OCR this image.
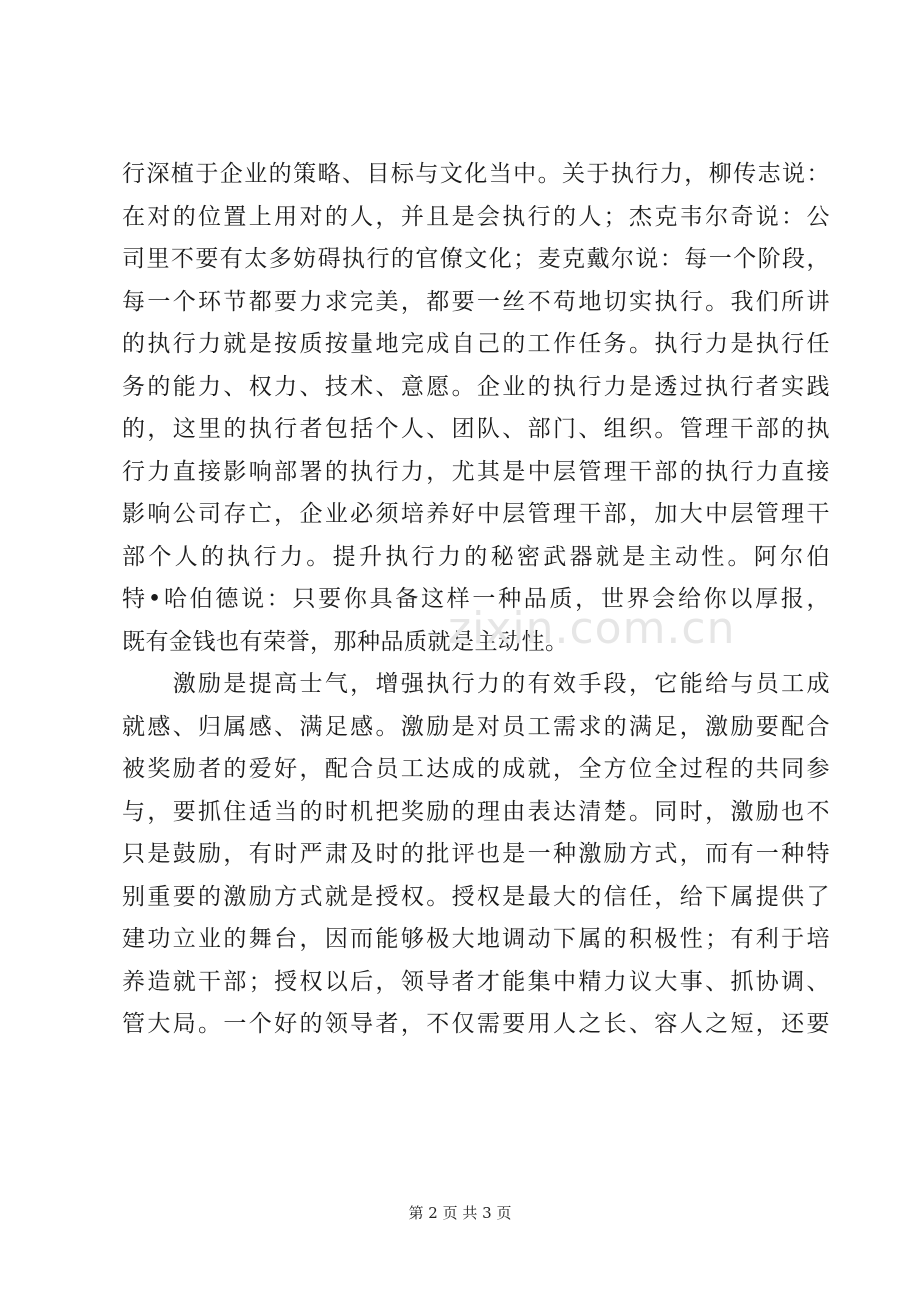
行深植于企业的策略、目标与文化当中。关于执行力，柳传志说：
在对的位置上用对的人，并且是会执行的人；杰克韦尔奇说：公
司里不要有太多妨碍执行的官僚文化；麦克戴尔说：每一个阶段，
每一个环节都要力求完美，都要一丝不苟地切实执行。我们所讲
的执行力就是按质按量地完成自己的工作任务。执行力是执行任
务的能力、权力、技术、意愿。企业的执行力是透过执行者实践
的，这里的执行者包括个人、团队、部门、组织。管理干部的执
行力直接影响部署的执行力，尤其是中层管理干部的执行力直接
影响公司存亡，企业必须培养好中层管理干部，加大中层管理干
部个人的执行力。提升执行力的秘密武器就是主动性。阿尔伯
特•哈伯德说：只要你具备这样一种品质，世界会给你以厚报，
既有金钱也有荣誉，那种品质就是主动性。
　　激励是提高士气，增强执行力的有效手段，它能给与员工成
就感、归属感、满足感。激励是对员工需求的满足，激励要配合
被奖励者的爱好，配合员工达成的成就，全方位全过程的共同参
与，要抓住适当的时机把奖励的理由表达清楚。同时，激励也不
只是鼓励，有时严肃及时的批评也是一种激励方式，而有一种特
别重要的激励方式就是授权。授权是最大的信任，给下属提供了
建功立业的舞台，因而能够极大地调动下属的积极性；有利于培
养造就干部；授权以后，领导者才能集中精力议大事、抓协调、
管大局。一个好的领导者，不仅需要用人之长、容人之短，还要
zixin.com.cn
第 2 页 共 3 页
